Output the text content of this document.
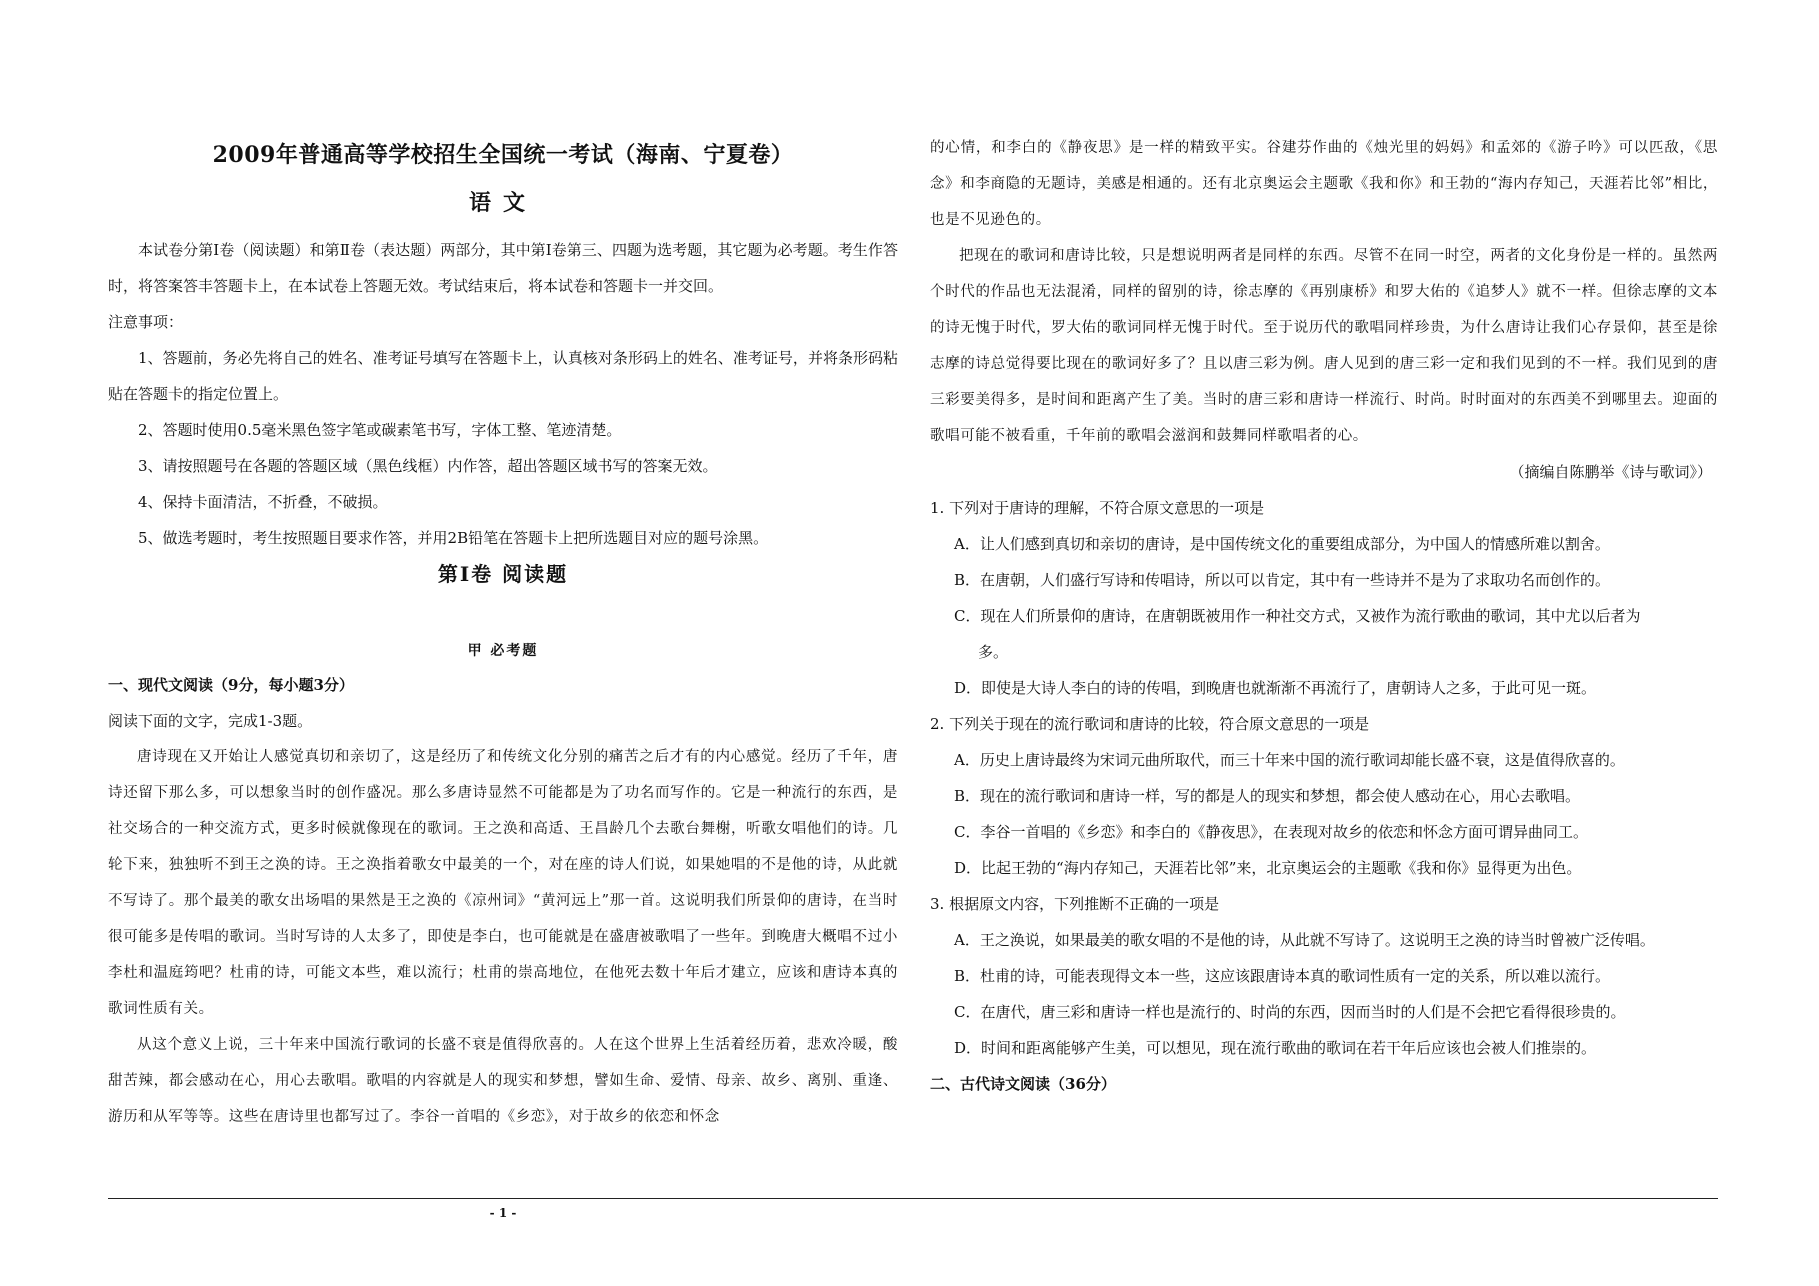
2009年普通高等学校招生全国统一考试（海南、宁夏卷）
语文

本试卷分第Ⅰ卷（阅读题）和第Ⅱ卷（表达题）两部分，其中第Ⅰ卷第三、四题为选考题，其它题为必考题。考生作答时，将答案答丰答题卡上，在本试卷上答题无效。考试结束后，将本试卷和答题卡一并交回。

注意事项：

1、答题前，务必先将自己的姓名、准考证号填写在答题卡上，认真核对条形码上的姓名、准考证号，并将条形码粘贴在答题卡的指定位置上。

2、答题时使用0.5毫米黑色签字笔或碳素笔书写，字体工整、笔迹清楚。

3、请按照题号在各题的答题区域（黑色线框）内作答，超出答题区域书写的答案无效。

4、保持卡面清洁，不折叠，不破损。

5、做选考题时，考生按照题目要求作答，并用2B铅笔在答题卡上把所选题目对应的题号涂黑。

第Ⅰ卷 阅读题
甲 必考题

一、现代文阅读（9分，每小题3分）

阅读下面的文字，完成1-3题。

唐诗现在又开始让人感觉真切和亲切了，这是经历了和传统文化分别的痛苦之后才有的内心感觉。经历了千年，唐诗还留下那么多，可以想象当时的创作盛况。那么多唐诗显然不可能都是为了功名而写作的。它是一种流行的东西，是社交场合的一种交流方式，更多时候就像现在的歌词。王之涣和高适、王昌龄几个去歌台舞榭，听歌女唱他们的诗。几轮下来，独独听不到王之涣的诗。王之涣指着歌女中最美的一个，对在座的诗人们说，如果她唱的不是他的诗，从此就不写诗了。那个最美的歌女出场唱的果然是王之涣的《凉州词》“黄河远上”那一首。这说明我们所景仰的唐诗，在当时很可能多是传唱的歌词。当时写诗的人太多了，即使是李白，也可能就是在盛唐被歌唱了一些年。到晚唐大概唱不过小李杜和温庭筠吧？杜甫的诗，可能文本些，难以流行；杜甫的崇高地位，在他死去数十年后才建立，应该和唐诗本真的歌词性质有关。

从这个意义上说，三十年来中国流行歌词的长盛不衰是值得欣喜的。人在这个世界上生活着经历着，悲欢冷暖，酸甜苦辣，都会感动在心，用心去歌唱。歌唱的内容就是人的现实和梦想，譬如生命、爱情、母亲、故乡、离别、重逢、游历和从军等等。这些在唐诗里也都写过了。李谷一首唱的《乡恋》，对于故乡的依恋和怀念

的心情，和李白的《静夜思》是一样的精致平实。谷建芬作曲的《烛光里的妈妈》和孟郊的《游子吟》可以匹敌，《思念》和李商隐的无题诗，美感是相通的。还有北京奥运会主题歌《我和你》和王勃的“海内存知己，天涯若比邻”相比，也是不见逊色的。

把现在的歌词和唐诗比较，只是想说明两者是同样的东西。尽管不在同一时空，两者的文化身份是一样的。虽然两个时代的作品也无法混淆，同样的留别的诗，徐志摩的《再别康桥》和罗大佑的《追梦人》就不一样。但徐志摩的文本的诗无愧于时代，罗大佑的歌词同样无愧于时代。至于说历代的歌唱同样珍贵，为什么唐诗让我们心存景仰，甚至是徐志摩的诗总觉得要比现在的歌词好多了？且以唐三彩为例。唐人见到的唐三彩一定和我们见到的不一样。我们见到的唐三彩要美得多，是时间和距离产生了美。当时的唐三彩和唐诗一样流行、时尚。时时面对的东西美不到哪里去。迎面的歌唱可能不被看重，千年前的歌唱会滋润和鼓舞同样歌唱者的心。

（摘编自陈鹏举《诗与歌词》）

1. 下列对于唐诗的理解，不符合原文意思的一项是

A．让人们感到真切和亲切的唐诗，是中国传统文化的重要组成部分，为中国人的情感所难以割舍。

B．在唐朝，人们盛行写诗和传唱诗，所以可以肯定，其中有一些诗并不是为了求取功名而创作的。

C．现在人们所景仰的唐诗，在唐朝既被用作一种社交方式，又被作为流行歌曲的歌词，其中尤以后者为

多。

D．即使是大诗人李白的诗的传唱，到晚唐也就渐渐不再流行了，唐朝诗人之多，于此可见一斑。

2. 下列关于现在的流行歌词和唐诗的比较，符合原文意思的一项是

A．历史上唐诗最终为宋词元曲所取代，而三十年来中国的流行歌词却能长盛不衰，这是值得欣喜的。

B．现在的流行歌词和唐诗一样，写的都是人的现实和梦想，都会使人感动在心，用心去歌唱。

C．李谷一首唱的《乡恋》和李白的《静夜思》，在表现对故乡的依恋和怀念方面可谓异曲同工。

D．比起王勃的“海内存知己，天涯若比邻”来，北京奥运会的主题歌《我和你》显得更为出色。

3. 根据原文内容，下列推断不正确的一项是

A．王之涣说，如果最美的歌女唱的不是他的诗，从此就不写诗了。这说明王之涣的诗当时曾被广泛传唱。

B．杜甫的诗，可能表现得文本一些，这应该跟唐诗本真的歌词性质有一定的关系，所以难以流行。

C．在唐代，唐三彩和唐诗一样也是流行的、时尚的东西，因而当时的人们是不会把它看得很珍贵的。

D．时间和距离能够产生美，可以想见，现在流行歌曲的歌词在若干年后应该也会被人们推崇的。

二、古代诗文阅读（36分）

- 1 -
